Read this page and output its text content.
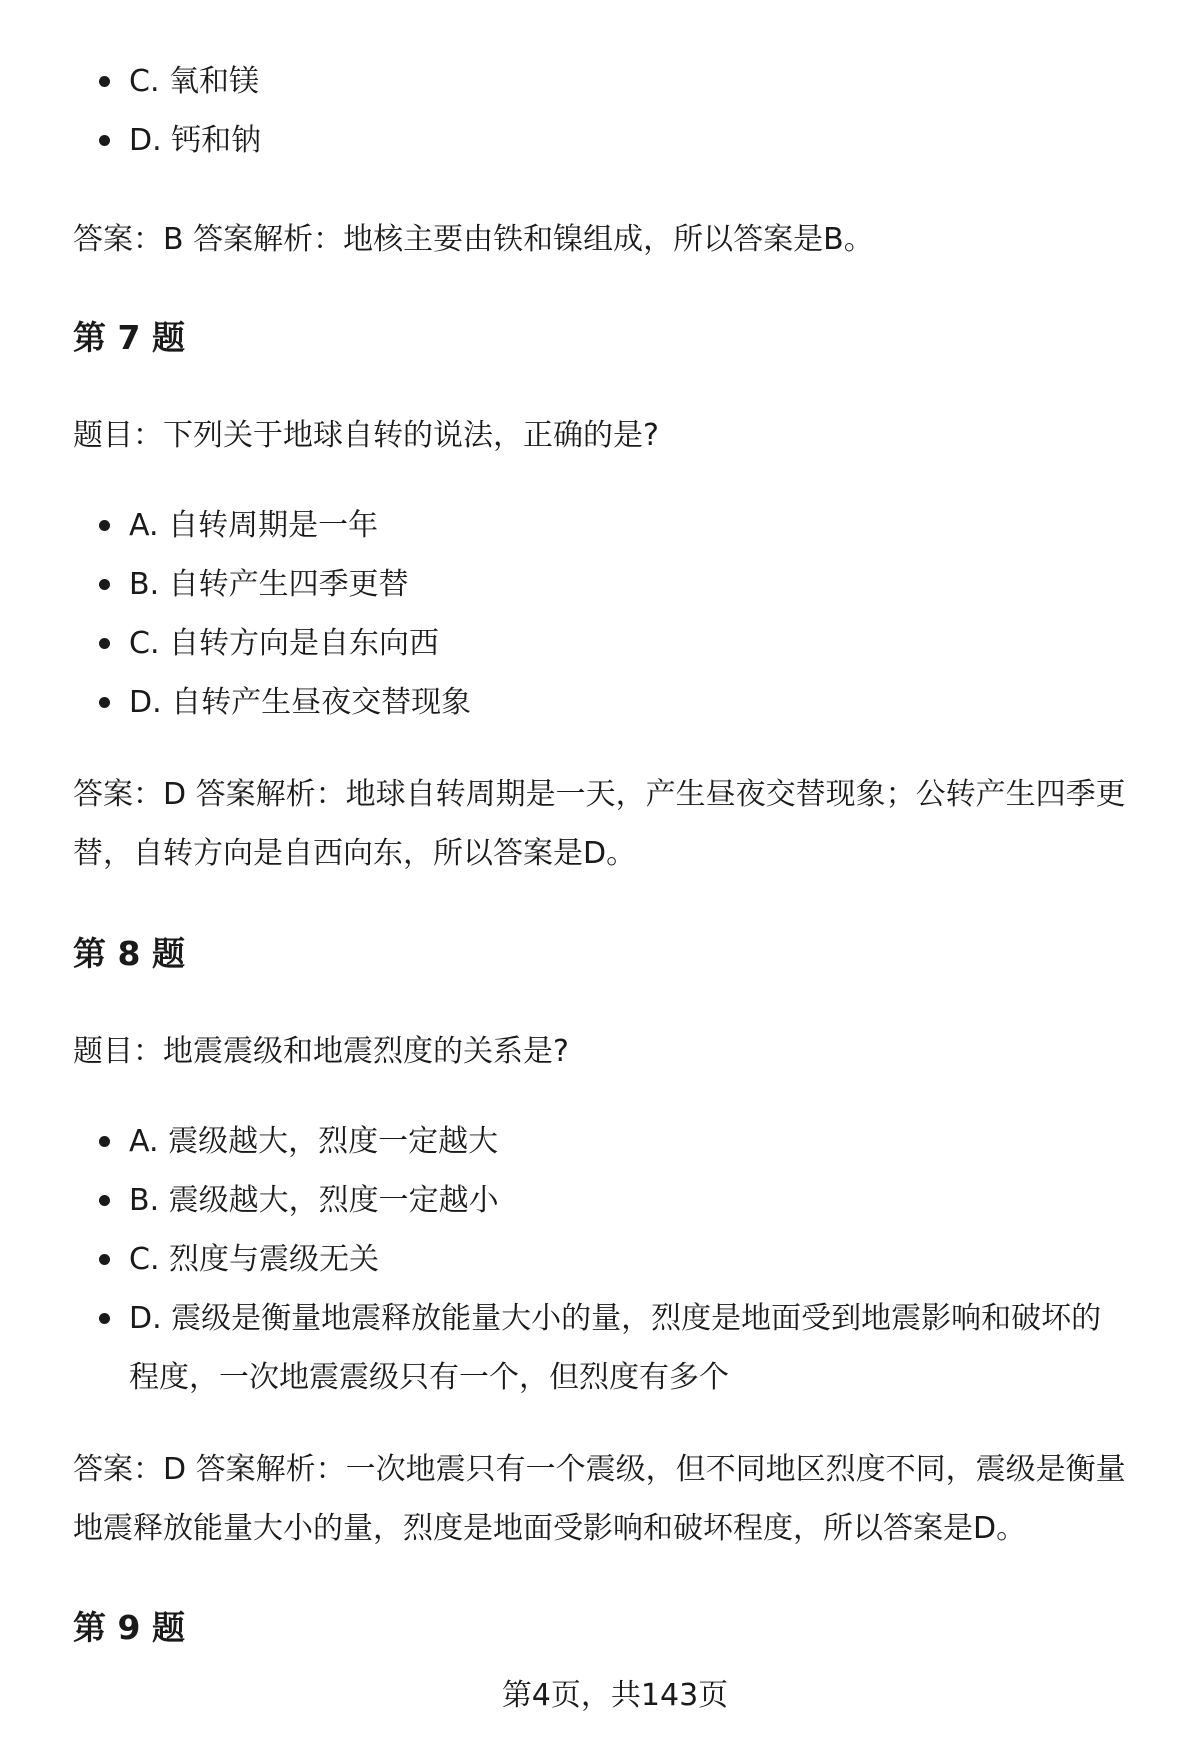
C. 氧和镁
D. 钙和钠

答案：B 答案解析：地核主要由铁和镍组成，所以答案是B。

第 7 题

题目：下列关于地球自转的说法，正确的是?

A. 自转周期是一年
B. 自转产生四季更替
C. 自转方向是自东向西
D. 自转产生昼夜交替现象

答案：D 答案解析：地球自转周期是一天，产生昼夜交替现象；公转产生四季更替，自转方向是自西向东，所以答案是D。

第 8 题

题目：地震震级和地震烈度的关系是?

A. 震级越大，烈度一定越大
B. 震级越大，烈度一定越小
C. 烈度与震级无关
D. 震级是衡量地震释放能量大小的量，烈度是地面受到地震影响和破坏的程度，一次地震震级只有一个，但烈度有多个

答案：D 答案解析：一次地震只有一个震级，但不同地区烈度不同，震级是衡量地震释放能量大小的量，烈度是地面受影响和破坏程度，所以答案是D。

第 9 题
第4页，共143页
